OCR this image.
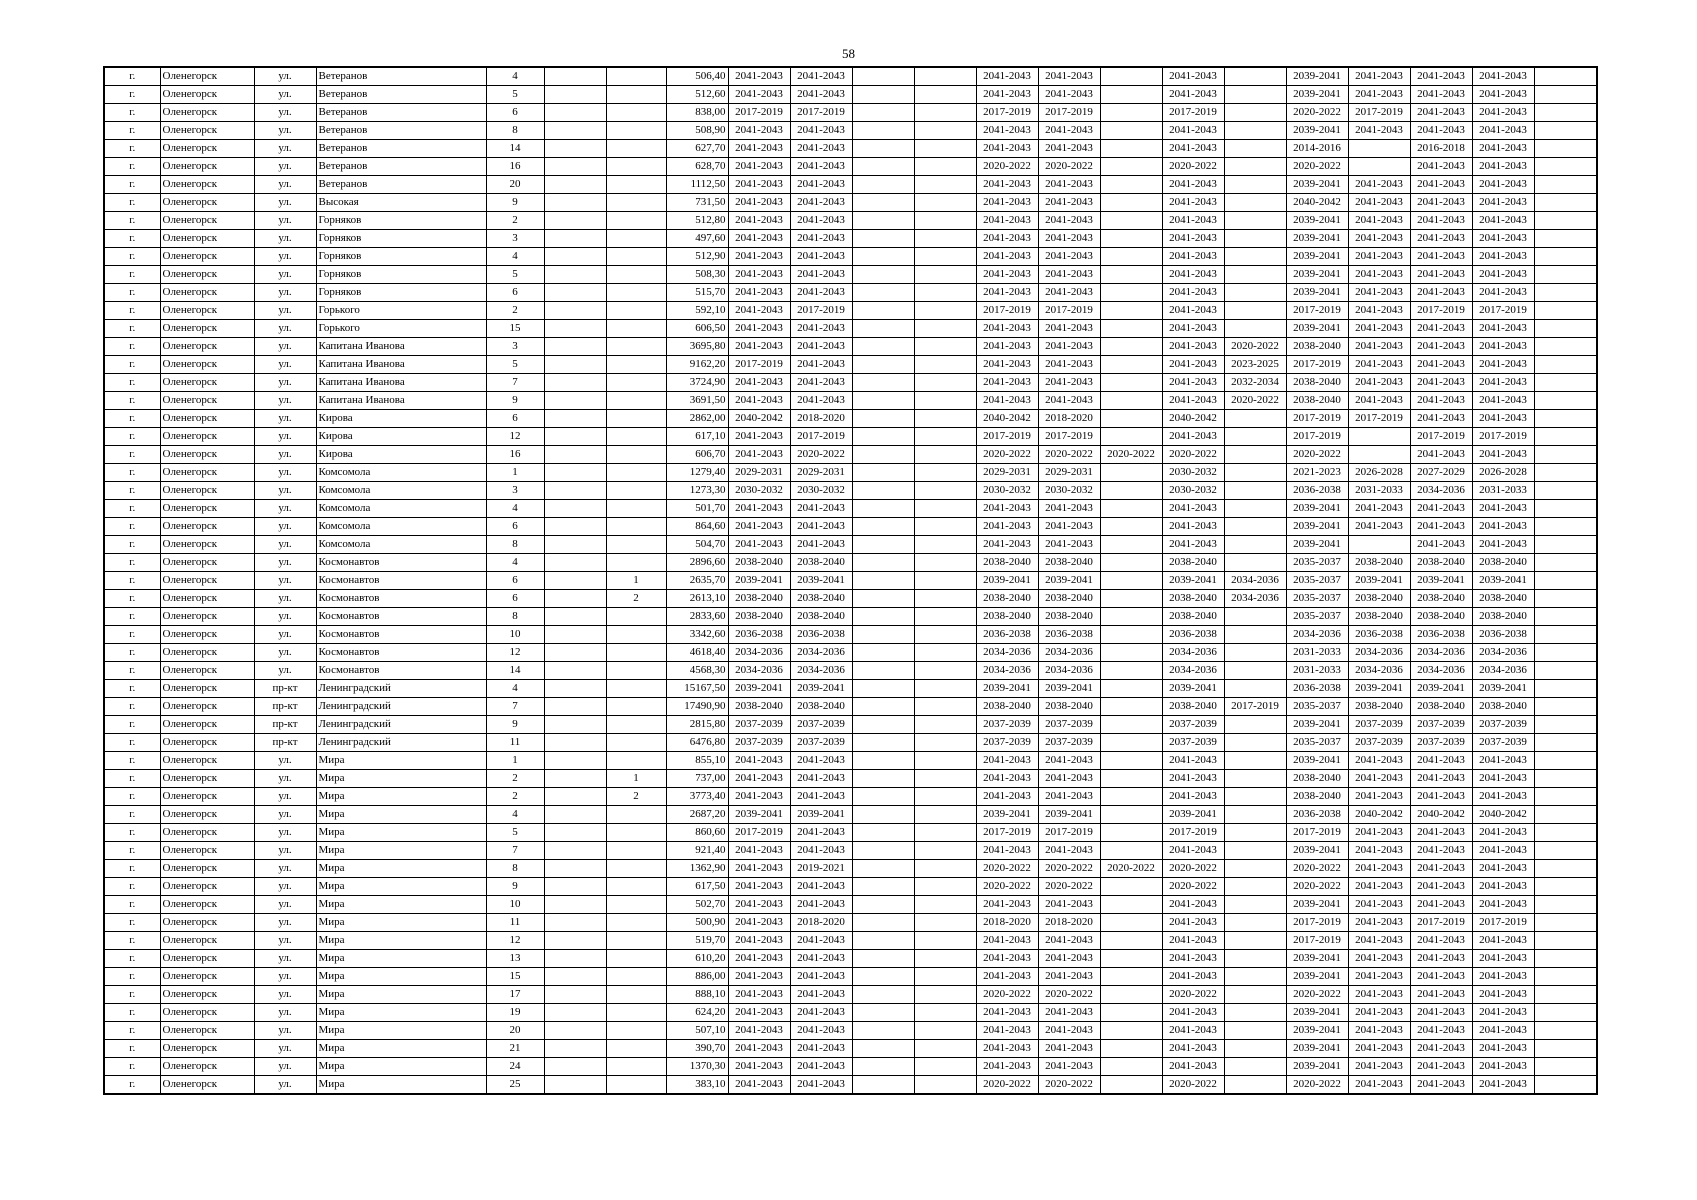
58
г.	Оленегорск	ул.	Ветеранов	4			506,40	2041-2043	2041-2043			2041-2043	2041-2043		2041-2043		2039-2041	2041-2043	2041-2043	2041-2043	
г.	Оленегорск	ул.	Ветеранов	5			512,60	2041-2043	2041-2043			2041-2043	2041-2043		2041-2043		2039-2041	2041-2043	2041-2043	2041-2043	
г.	Оленегорск	ул.	Ветеранов	6			838,00	2017-2019	2017-2019			2017-2019	2017-2019		2017-2019		2020-2022	2017-2019	2041-2043	2041-2043	
г.	Оленегорск	ул.	Ветеранов	8			508,90	2041-2043	2041-2043			2041-2043	2041-2043		2041-2043		2039-2041	2041-2043	2041-2043	2041-2043	
г.	Оленегорск	ул.	Ветеранов	14			627,70	2041-2043	2041-2043			2041-2043	2041-2043		2041-2043		2014-2016		2016-2018	2041-2043	
г.	Оленегорск	ул.	Ветеранов	16			628,70	2041-2043	2041-2043			2020-2022	2020-2022		2020-2022		2020-2022		2041-2043	2041-2043	
г.	Оленегорск	ул.	Ветеранов	20			1112,50	2041-2043	2041-2043			2041-2043	2041-2043		2041-2043		2039-2041	2041-2043	2041-2043	2041-2043	
г.	Оленегорск	ул.	Высокая	9			731,50	2041-2043	2041-2043			2041-2043	2041-2043		2041-2043		2040-2042	2041-2043	2041-2043	2041-2043	
г.	Оленегорск	ул.	Горняков	2			512,80	2041-2043	2041-2043			2041-2043	2041-2043		2041-2043		2039-2041	2041-2043	2041-2043	2041-2043	
г.	Оленегорск	ул.	Горняков	3			497,60	2041-2043	2041-2043			2041-2043	2041-2043		2041-2043		2039-2041	2041-2043	2041-2043	2041-2043	
г.	Оленегорск	ул.	Горняков	4			512,90	2041-2043	2041-2043			2041-2043	2041-2043		2041-2043		2039-2041	2041-2043	2041-2043	2041-2043	
г.	Оленегорск	ул.	Горняков	5			508,30	2041-2043	2041-2043			2041-2043	2041-2043		2041-2043		2039-2041	2041-2043	2041-2043	2041-2043	
г.	Оленегорск	ул.	Горняков	6			515,70	2041-2043	2041-2043			2041-2043	2041-2043		2041-2043		2039-2041	2041-2043	2041-2043	2041-2043	
г.	Оленегорск	ул.	Горького	2			592,10	2041-2043	2017-2019			2017-2019	2017-2019		2041-2043		2017-2019	2041-2043	2017-2019	2017-2019	
г.	Оленегорск	ул.	Горького	15			606,50	2041-2043	2041-2043			2041-2043	2041-2043		2041-2043		2039-2041	2041-2043	2041-2043	2041-2043	
г.	Оленегорск	ул.	Капитана Иванова	3			3695,80	2041-2043	2041-2043			2041-2043	2041-2043		2041-2043	2020-2022	2038-2040	2041-2043	2041-2043	2041-2043	
г.	Оленегорск	ул.	Капитана Иванова	5			9162,20	2017-2019	2041-2043			2041-2043	2041-2043		2041-2043	2023-2025	2017-2019	2041-2043	2041-2043	2041-2043	
г.	Оленегорск	ул.	Капитана Иванова	7			3724,90	2041-2043	2041-2043			2041-2043	2041-2043		2041-2043	2032-2034	2038-2040	2041-2043	2041-2043	2041-2043	
г.	Оленегорск	ул.	Капитана Иванова	9			3691,50	2041-2043	2041-2043			2041-2043	2041-2043		2041-2043	2020-2022	2038-2040	2041-2043	2041-2043	2041-2043	
г.	Оленегорск	ул.	Кирова	6			2862,00	2040-2042	2018-2020			2040-2042	2018-2020		2040-2042		2017-2019	2017-2019	2041-2043	2041-2043	
г.	Оленегорск	ул.	Кирова	12			617,10	2041-2043	2017-2019			2017-2019	2017-2019		2041-2043		2017-2019		2017-2019	2017-2019	
г.	Оленегорск	ул.	Кирова	16			606,70	2041-2043	2020-2022			2020-2022	2020-2022	2020-2022	2020-2022		2020-2022		2041-2043	2041-2043	
г.	Оленегорск	ул.	Комсомола	1			1279,40	2029-2031	2029-2031			2029-2031	2029-2031		2030-2032		2021-2023	2026-2028	2027-2029	2026-2028	
г.	Оленегорск	ул.	Комсомола	3			1273,30	2030-2032	2030-2032			2030-2032	2030-2032		2030-2032		2036-2038	2031-2033	2034-2036	2031-2033	
г.	Оленегорск	ул.	Комсомола	4			501,70	2041-2043	2041-2043			2041-2043	2041-2043		2041-2043		2039-2041	2041-2043	2041-2043	2041-2043	
г.	Оленегорск	ул.	Комсомола	6			864,60	2041-2043	2041-2043			2041-2043	2041-2043		2041-2043		2039-2041	2041-2043	2041-2043	2041-2043	
г.	Оленегорск	ул.	Комсомола	8			504,70	2041-2043	2041-2043			2041-2043	2041-2043		2041-2043		2039-2041		2041-2043	2041-2043	
г.	Оленегорск	ул.	Космонавтов	4			2896,60	2038-2040	2038-2040			2038-2040	2038-2040		2038-2040		2035-2037	2038-2040	2038-2040	2038-2040	
г.	Оленегорск	ул.	Космонавтов	6		1	2635,70	2039-2041	2039-2041			2039-2041	2039-2041		2039-2041	2034-2036	2035-2037	2039-2041	2039-2041	2039-2041	
г.	Оленегорск	ул.	Космонавтов	6		2	2613,10	2038-2040	2038-2040			2038-2040	2038-2040		2038-2040	2034-2036	2035-2037	2038-2040	2038-2040	2038-2040	
г.	Оленегорск	ул.	Космонавтов	8			2833,60	2038-2040	2038-2040			2038-2040	2038-2040		2038-2040		2035-2037	2038-2040	2038-2040	2038-2040	
г.	Оленегорск	ул.	Космонавтов	10			3342,60	2036-2038	2036-2038			2036-2038	2036-2038		2036-2038		2034-2036	2036-2038	2036-2038	2036-2038	
г.	Оленегорск	ул.	Космонавтов	12			4618,40	2034-2036	2034-2036			2034-2036	2034-2036		2034-2036		2031-2033	2034-2036	2034-2036	2034-2036	
г.	Оленегорск	ул.	Космонавтов	14			4568,30	2034-2036	2034-2036			2034-2036	2034-2036		2034-2036		2031-2033	2034-2036	2034-2036	2034-2036	
г.	Оленегорск	пр-кт	Ленинградский	4			15167,50	2039-2041	2039-2041			2039-2041	2039-2041		2039-2041		2036-2038	2039-2041	2039-2041	2039-2041	
г.	Оленегорск	пр-кт	Ленинградский	7			17490,90	2038-2040	2038-2040			2038-2040	2038-2040		2038-2040	2017-2019	2035-2037	2038-2040	2038-2040	2038-2040	
г.	Оленегорск	пр-кт	Ленинградский	9			2815,80	2037-2039	2037-2039			2037-2039	2037-2039		2037-2039		2039-2041	2037-2039	2037-2039	2037-2039	
г.	Оленегорск	пр-кт	Ленинградский	11			6476,80	2037-2039	2037-2039			2037-2039	2037-2039		2037-2039		2035-2037	2037-2039	2037-2039	2037-2039	
г.	Оленегорск	ул.	Мира	1			855,10	2041-2043	2041-2043			2041-2043	2041-2043		2041-2043		2039-2041	2041-2043	2041-2043	2041-2043	
г.	Оленегорск	ул.	Мира	2		1	737,00	2041-2043	2041-2043			2041-2043	2041-2043		2041-2043		2038-2040	2041-2043	2041-2043	2041-2043	
г.	Оленегорск	ул.	Мира	2		2	3773,40	2041-2043	2041-2043			2041-2043	2041-2043		2041-2043		2038-2040	2041-2043	2041-2043	2041-2043	
г.	Оленегорск	ул.	Мира	4			2687,20	2039-2041	2039-2041			2039-2041	2039-2041		2039-2041		2036-2038	2040-2042	2040-2042	2040-2042	
г.	Оленегорск	ул.	Мира	5			860,60	2017-2019	2041-2043			2017-2019	2017-2019		2017-2019		2017-2019	2041-2043	2041-2043	2041-2043	
г.	Оленегорск	ул.	Мира	7			921,40	2041-2043	2041-2043			2041-2043	2041-2043		2041-2043		2039-2041	2041-2043	2041-2043	2041-2043	
г.	Оленегорск	ул.	Мира	8			1362,90	2041-2043	2019-2021			2020-2022	2020-2022	2020-2022	2020-2022		2020-2022	2041-2043	2041-2043	2041-2043	
г.	Оленегорск	ул.	Мира	9			617,50	2041-2043	2041-2043			2020-2022	2020-2022		2020-2022		2020-2022	2041-2043	2041-2043	2041-2043	
г.	Оленегорск	ул.	Мира	10			502,70	2041-2043	2041-2043			2041-2043	2041-2043		2041-2043		2039-2041	2041-2043	2041-2043	2041-2043	
г.	Оленегорск	ул.	Мира	11			500,90	2041-2043	2018-2020			2018-2020	2018-2020		2041-2043		2017-2019	2041-2043	2017-2019	2017-2019	
г.	Оленегорск	ул.	Мира	12			519,70	2041-2043	2041-2043			2041-2043	2041-2043		2041-2043		2017-2019	2041-2043	2041-2043	2041-2043	
г.	Оленегорск	ул.	Мира	13			610,20	2041-2043	2041-2043			2041-2043	2041-2043		2041-2043		2039-2041	2041-2043	2041-2043	2041-2043	
г.	Оленегорск	ул.	Мира	15			886,00	2041-2043	2041-2043			2041-2043	2041-2043		2041-2043		2039-2041	2041-2043	2041-2043	2041-2043	
г.	Оленегорск	ул.	Мира	17			888,10	2041-2043	2041-2043			2020-2022	2020-2022		2020-2022		2020-2022	2041-2043	2041-2043	2041-2043	
г.	Оленегорск	ул.	Мира	19			624,20	2041-2043	2041-2043			2041-2043	2041-2043		2041-2043		2039-2041	2041-2043	2041-2043	2041-2043	
г.	Оленегорск	ул.	Мира	20			507,10	2041-2043	2041-2043			2041-2043	2041-2043		2041-2043		2039-2041	2041-2043	2041-2043	2041-2043	
г.	Оленегорск	ул.	Мира	21			390,70	2041-2043	2041-2043			2041-2043	2041-2043		2041-2043		2039-2041	2041-2043	2041-2043	2041-2043	
г.	Оленегорск	ул.	Мира	24			1370,30	2041-2043	2041-2043			2041-2043	2041-2043		2041-2043		2039-2041	2041-2043	2041-2043	2041-2043	
г.	Оленегорск	ул.	Мира	25			383,10	2041-2043	2041-2043			2020-2022	2020-2022		2020-2022		2020-2022	2041-2043	2041-2043	2041-2043	
